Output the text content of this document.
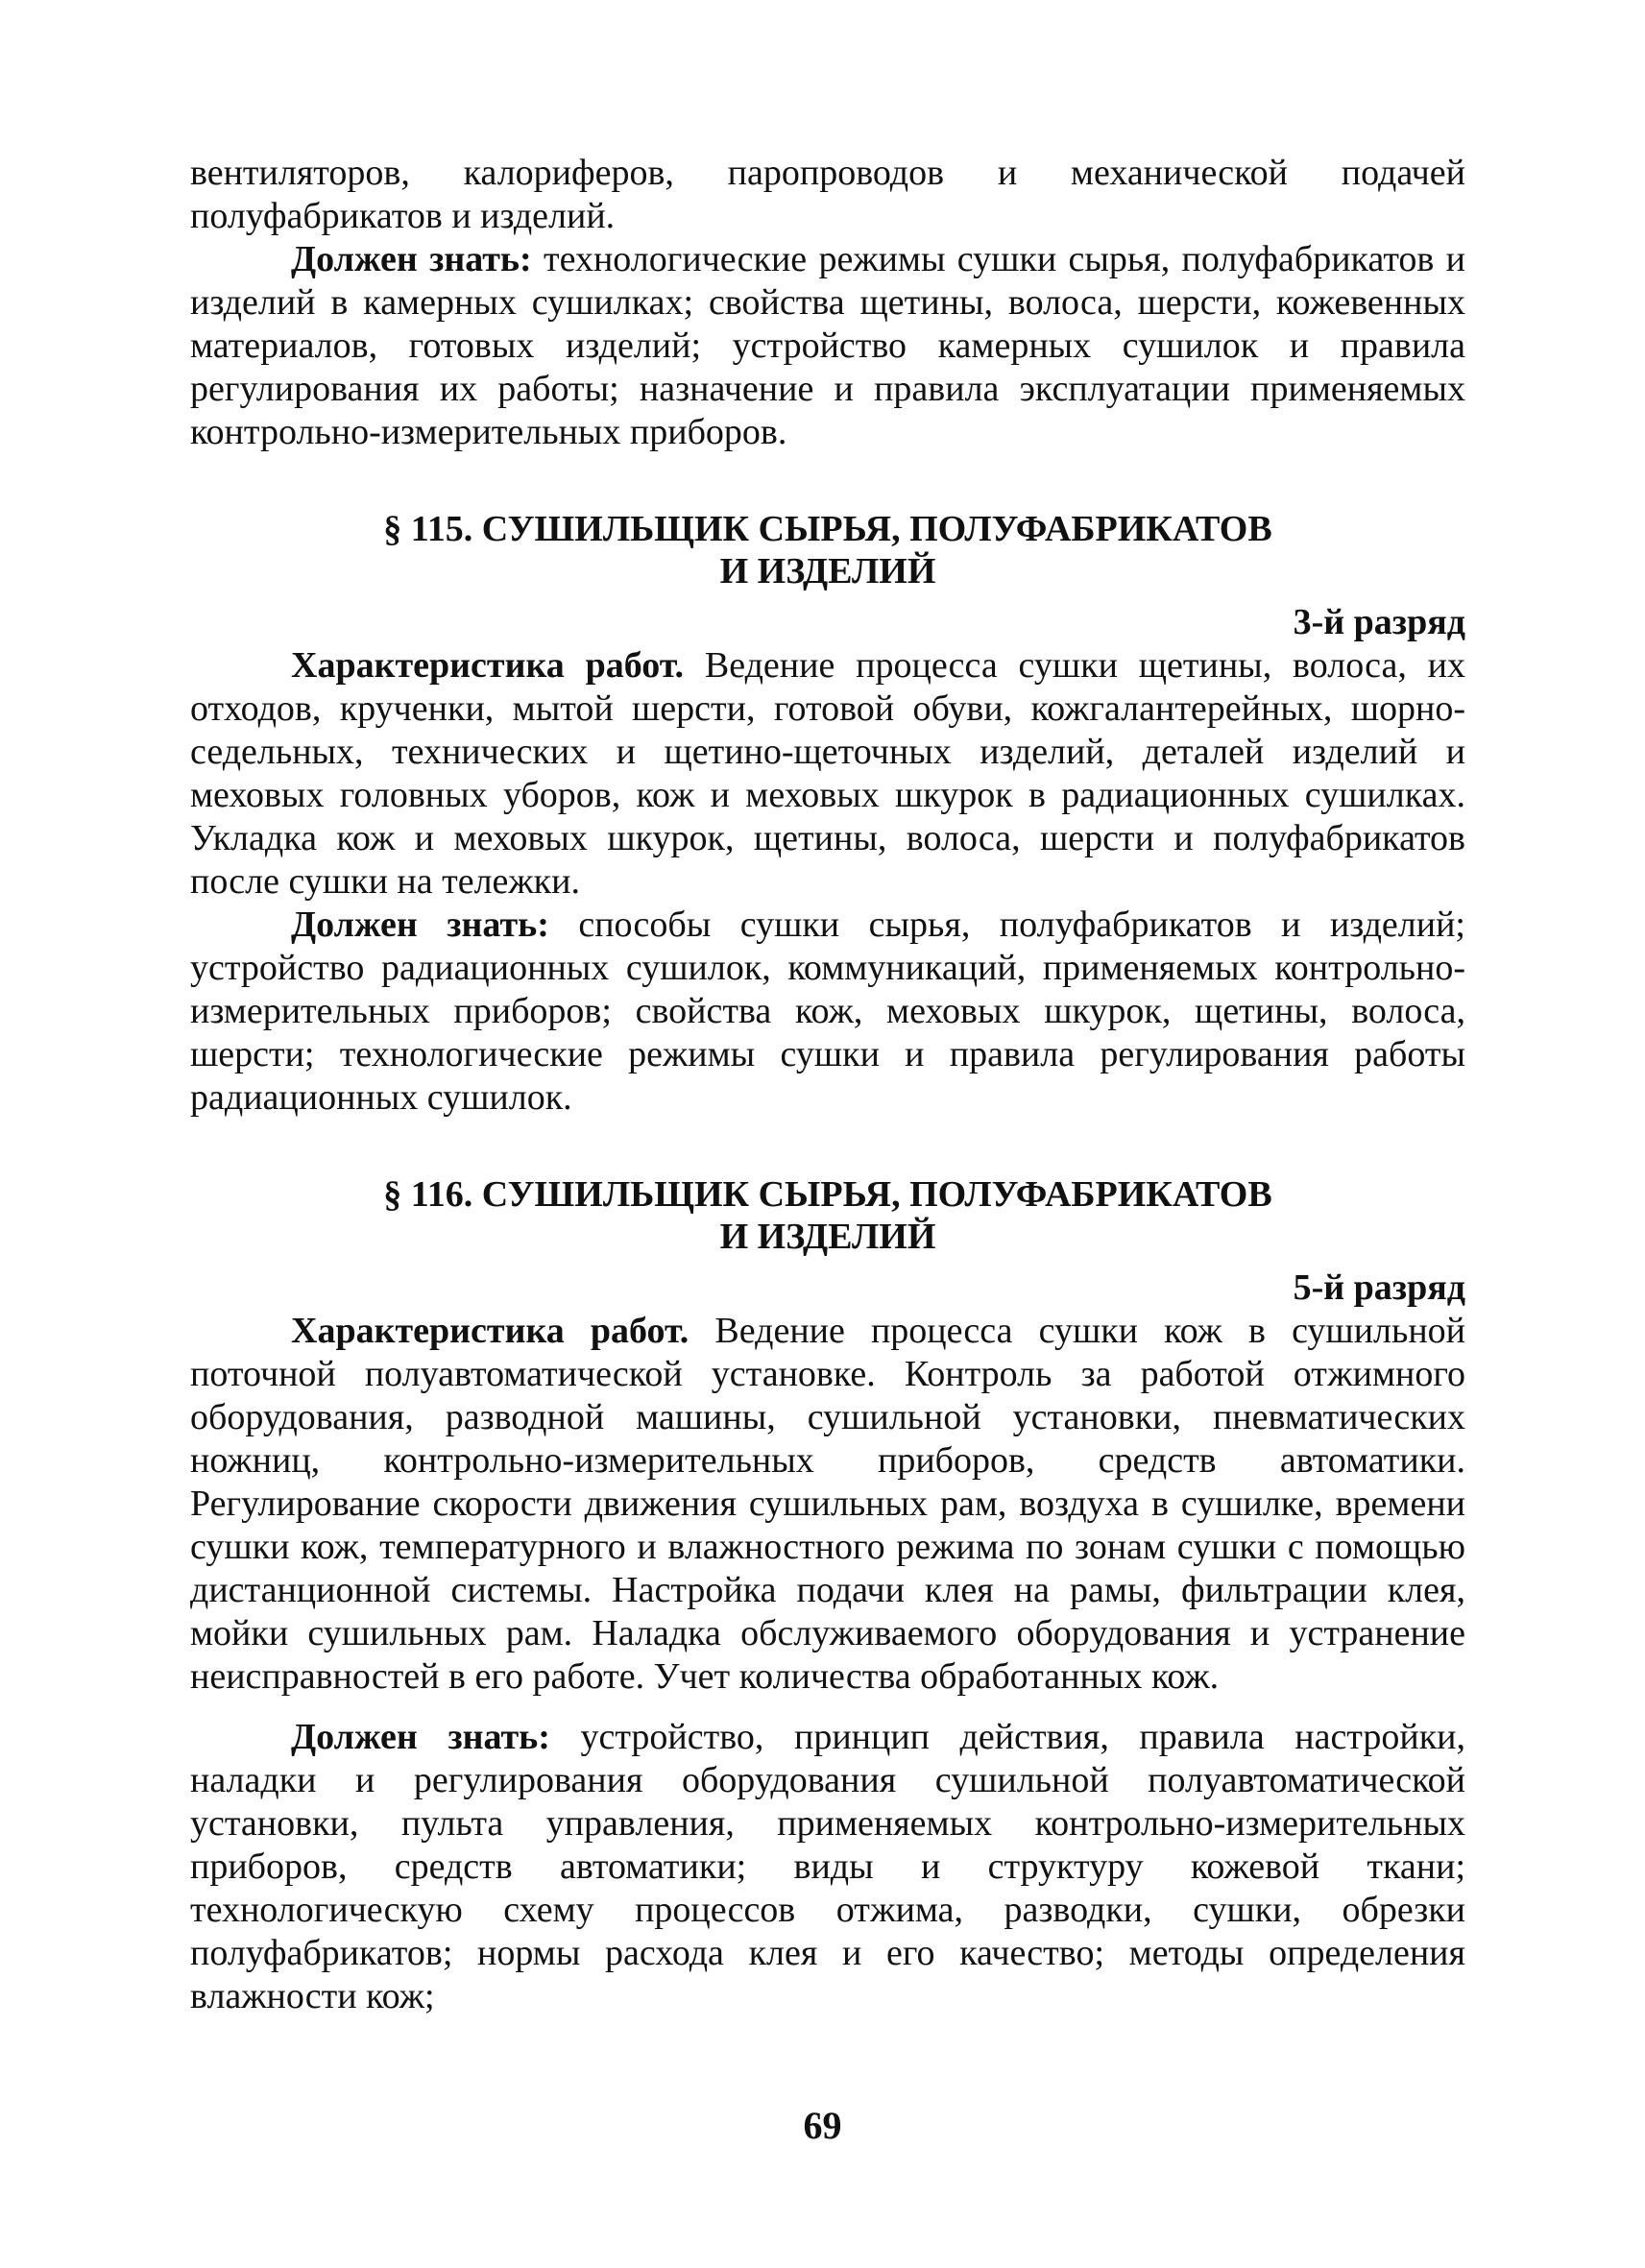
вентиляторов, калориферов, паропроводов и механической подачей полуфабрикатов и изделий.

Должен знать: технологические режимы сушки сырья, полуфабрикатов и изделий в камерных сушилках; свойства щетины, волоса, шерсти, кожевенных материалов, готовых изделий; устройство камерных сушилок и правила регулирования их работы; назначение и правила эксплуатации применяемых контрольно-измерительных приборов.

§ 115. СУШИЛЬЩИК СЫРЬЯ, ПОЛУФАБРИКАТОВ
И ИЗДЕЛИЙ
3-й разряд

Характеристика работ. Ведение процесса сушки щетины, волоса, их отходов, крученки, мытой шерсти, готовой обуви, кожгалантерейных, шорно-седельных, технических и щетино-щеточных изделий, деталей изделий и меховых головных уборов, кож и меховых шкурок в радиационных сушилках. Укладка кож и меховых шкурок, щетины, волоса, шерсти и полуфабрикатов после сушки на тележки.

Должен знать: способы сушки сырья, полуфабрикатов и изделий; устройство радиационных сушилок, коммуникаций, применяемых контрольно- измерительных приборов; свойства кож, меховых шкурок, щетины, волоса, шерсти; технологические режимы сушки и правила регулирования работы радиационных сушилок.

§ 116. СУШИЛЬЩИК СЫРЬЯ, ПОЛУФАБРИКАТОВ
И ИЗДЕЛИЙ
5-й разряд

Характеристика работ. Ведение процесса сушки кож в сушильной поточной полуавтоматической установке. Контроль за работой отжимного оборудования, разводной машины, сушильной установки, пневматических ножниц, контрольно-измерительных приборов, средств автоматики. Регулирование скорости движения сушильных рам, воздуха в сушилке, времени сушки кож, температурного и влажностного режима по зонам сушки с помощью дистанционной системы. Настройка подачи клея на рамы, фильтрации клея, мойки сушильных рам. Наладка обслуживаемого оборудования и устранение неисправностей в его работе. Учет количества обработанных кож.

Должен знать: устройство, принцип действия, правила настройки, наладки и регулирования оборудования сушильной полуавтоматической установки, пульта управления, применяемых контрольно-измерительных приборов, средств автоматики; виды и структуру кожевой ткани; технологическую схему процессов отжима, разводки, сушки, обрезки полуфабрикатов; нормы расхода клея и его качество; методы определения влажности кож;

69
